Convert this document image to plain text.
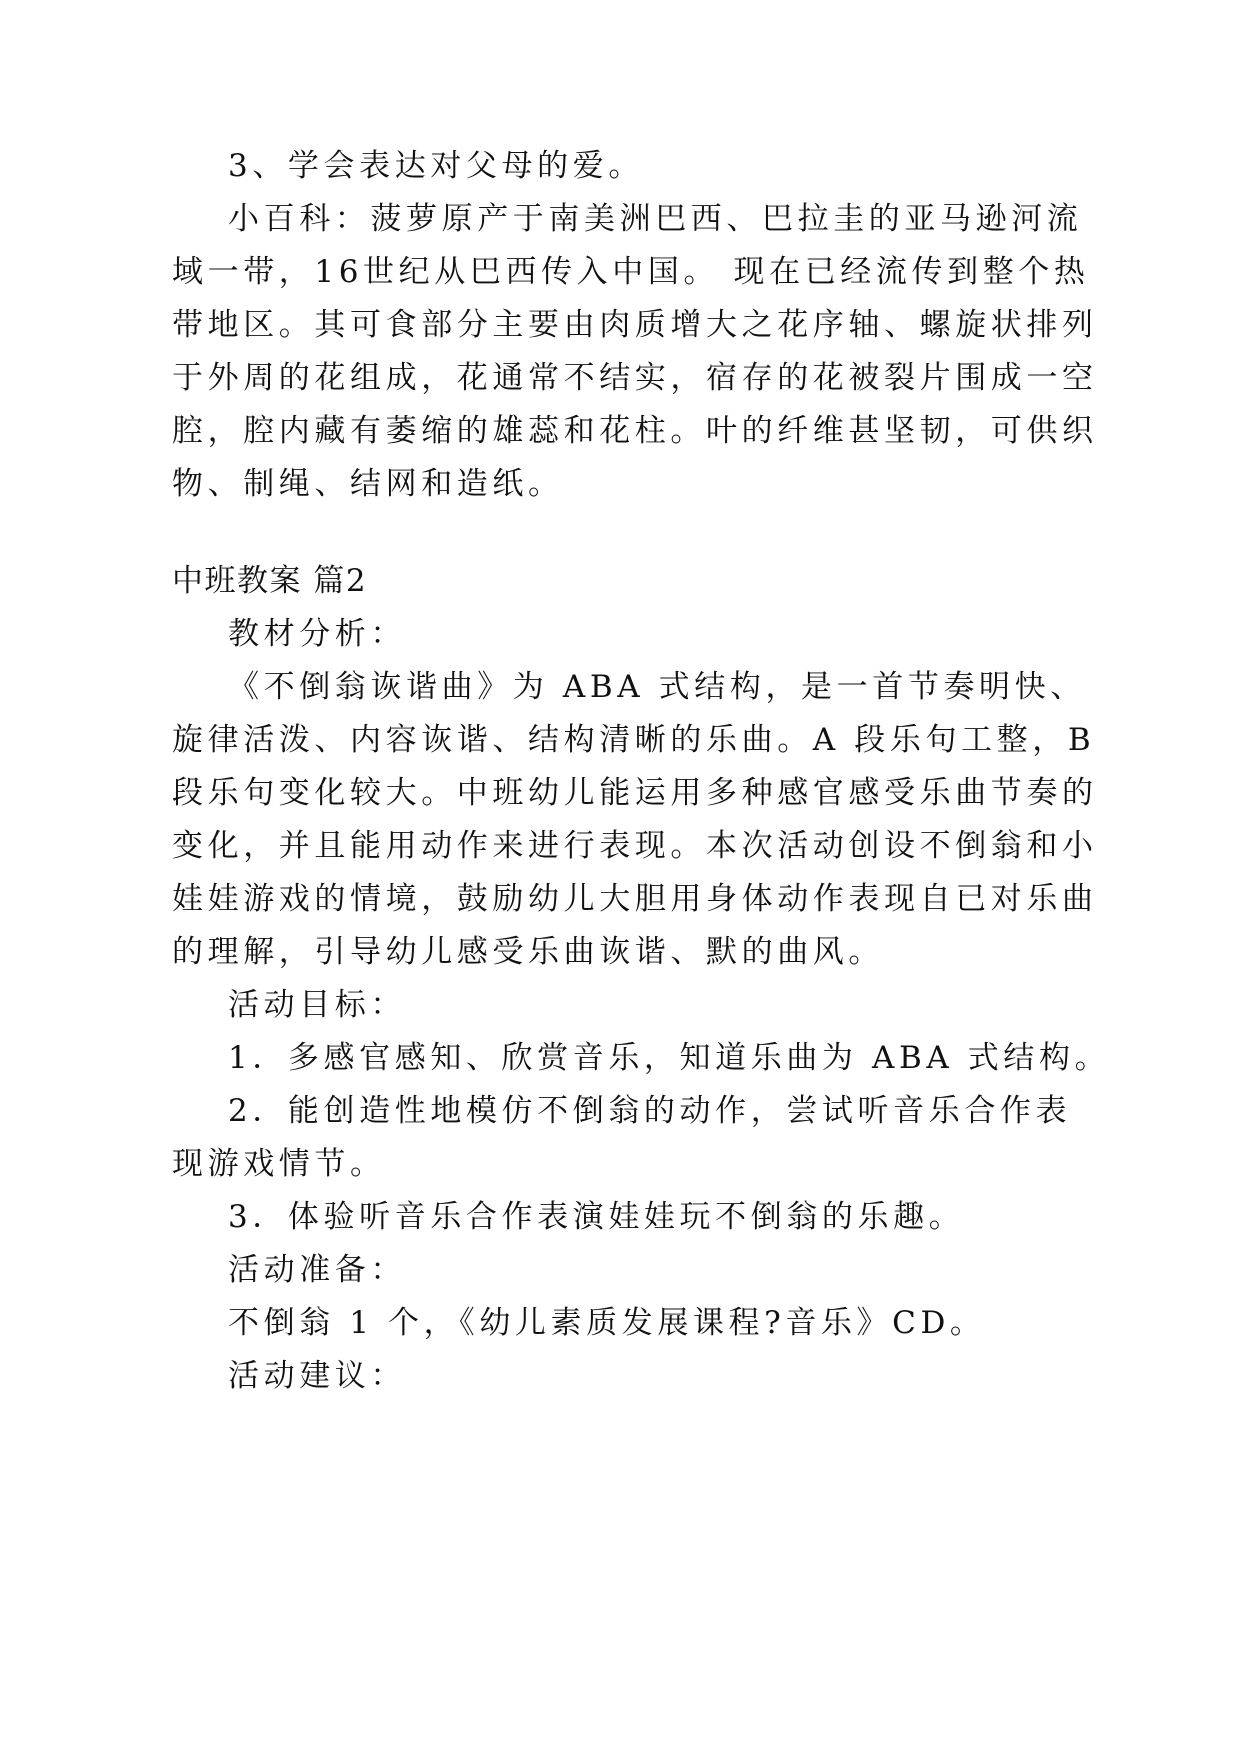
3、学会表达对父母的爱。
小百科：菠萝原产于南美洲巴西、巴拉圭的亚马逊河流
域一带，16世纪从巴西传入中国。 现在已经流传到整个热
带地区。其可食部分主要由肉质增大之花序轴、螺旋状排列
于外周的花组成，花通常不结实，宿存的花被裂片围成一空
腔，腔内藏有萎缩的雄蕊和花柱。叶的纤维甚坚韧，可供织
物、制绳、结网和造纸。
中班教案 篇2
教材分析：
《不倒翁诙谐曲》为 ABA 式结构，是一首节奏明快、
旋律活泼、内容诙谐、结构清晰的乐曲。A 段乐句工整，B
段乐句变化较大。中班幼儿能运用多种感官感受乐曲节奏的
变化，并且能用动作来进行表现。本次活动创设不倒翁和小
娃娃游戏的情境，鼓励幼儿大胆用身体动作表现自已对乐曲
的理解，引导幼儿感受乐曲诙谐、默的曲风。
活动目标：
1．多感官感知、欣赏音乐，知道乐曲为 ABA 式结构。
2．能创造性地模仿不倒翁的动作，尝试听音乐合作表
现游戏情节。
3．体验听音乐合作表演娃娃玩不倒翁的乐趣。
活动准备：
不倒翁 1 个，《幼儿素质发展课程?音乐》CD。
活动建议：
